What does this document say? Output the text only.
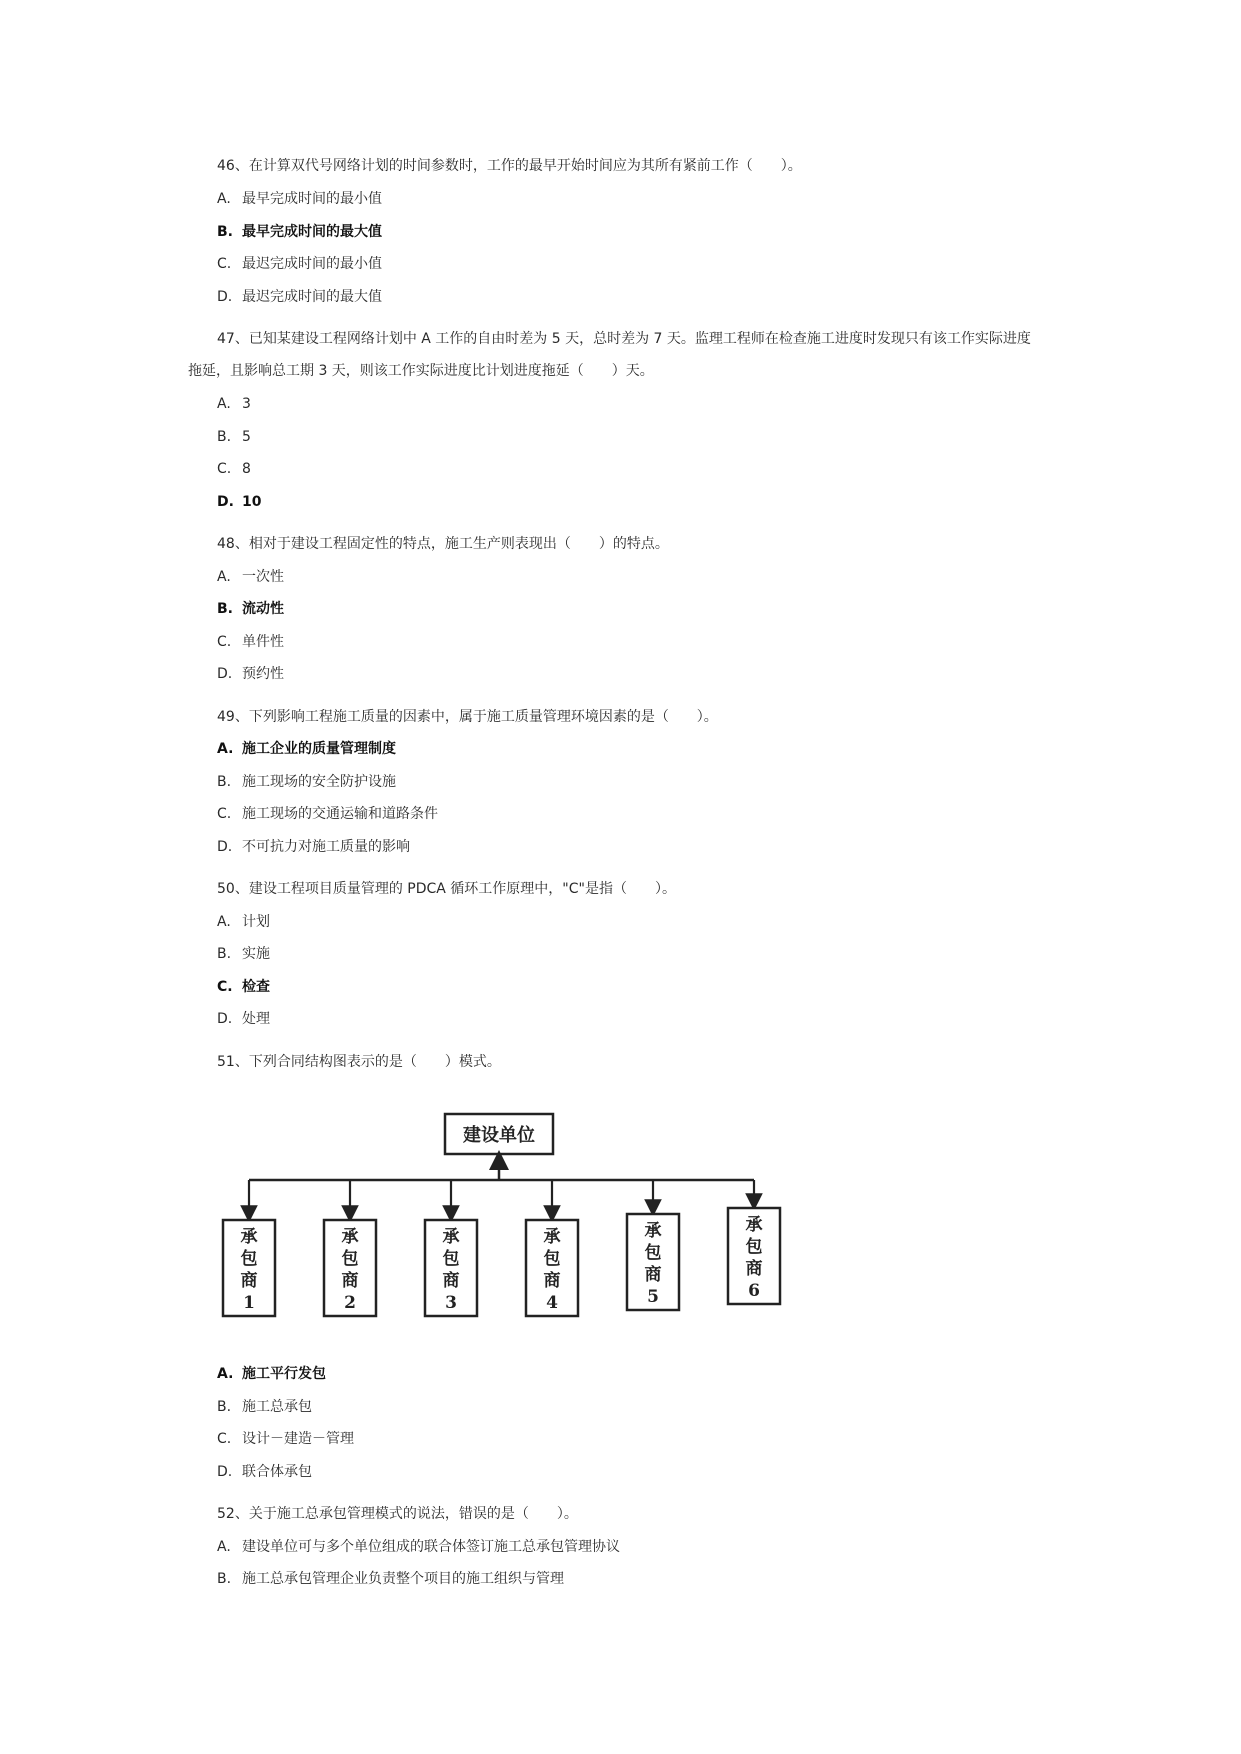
46、在计算双代号网络计划的时间参数时，工作的最早开始时间应为其所有紧前工作（　　）。
A. 最早完成时间的最小值
B. 最早完成时间的最大值
C. 最迟完成时间的最小值
D. 最迟完成时间的最大值
47、已知某建设工程网络计划中 A 工作的自由时差为 5 天，总时差为 7 天。监理工程师在检查施工进度时发现只有该工作实际进度
拖延，且影响总工期 3 天，则该工作实际进度比计划进度拖延（　　）天。
A. 3
B. 5
C. 8
D. 10
48、相对于建设工程固定性的特点，施工生产则表现出（　　）的特点。
A. 一次性
B. 流动性
C. 单件性
D. 预约性
49、下列影响工程施工质量的因素中，属于施工质量管理环境因素的是（　　）。
A. 施工企业的质量管理制度
B. 施工现场的安全防护设施
C. 施工现场的交通运输和道路条件
D. 不可抗力对施工质量的影响
50、建设工程项目质量管理的 PDCA 循环工作原理中，"C"是指（　　）。
A. 计划
B. 实施
C. 检查
D. 处理
51、下列合同结构图表示的是（　　）模式。
建设单位
承
包
商
1
承
包
商
2
承
包
商
3
承
包
商
4
承
包
商
5
承
包
商
6
A. 施工平行发包
B. 施工总承包
C. 设计－建造－管理
D. 联合体承包
52、关于施工总承包管理模式的说法，错误的是（　　）。
A. 建设单位可与多个单位组成的联合体签订施工总承包管理协议
B. 施工总承包管理企业负责整个项目的施工组织与管理
